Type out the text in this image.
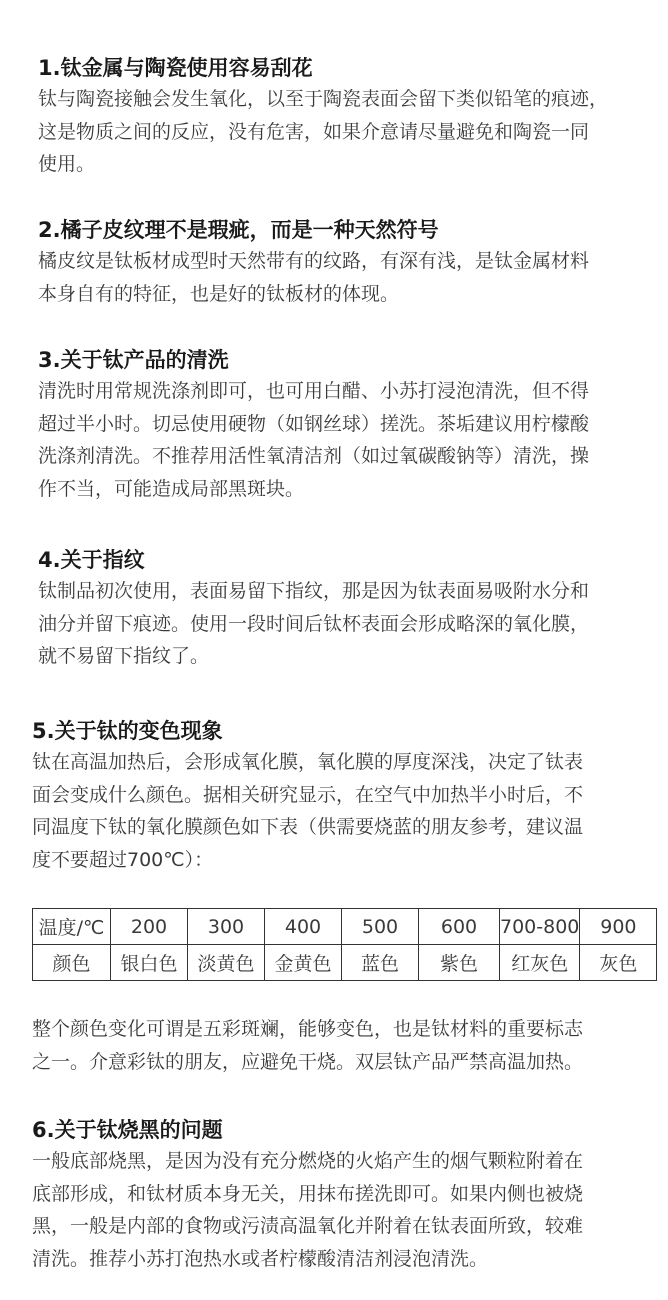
1.钛金属与陶瓷使用容易刮花

钛与陶瓷接触会发生氧化，以至于陶瓷表面会留下类似铅笔的痕迹，
这是物质之间的反应，没有危害，如果介意请尽量避免和陶瓷一同
使用。

2.橘子皮纹理不是瑕疵，而是一种天然符号

橘皮纹是钛板材成型时天然带有的纹路，有深有浅，是钛金属材料
本身自有的特征，也是好的钛板材的体现。

3.关于钛产品的清洗

清洗时用常规洗涤剂即可，也可用白醋、小苏打浸泡清洗，但不得
超过半小时。切忌使用硬物（如钢丝球）搓洗。茶垢建议用柠檬酸
洗涤剂清洗。不推荐用活性氧清洁剂（如过氧碳酸钠等）清洗，操
作不当，可能造成局部黑斑块。

4.关于指纹

钛制品初次使用，表面易留下指纹，那是因为钛表面易吸附水分和
油分并留下痕迹。使用一段时间后钛杯表面会形成略深的氧化膜，
就不易留下指纹了。

5.关于钛的变色现象

钛在高温加热后，会形成氧化膜，氧化膜的厚度深浅，决定了钛表
面会变成什么颜色。据相关研究显示，在空气中加热半小时后，不
同温度下钛的氧化膜颜色如下表（供需要烧蓝的朋友参考，建议温
度不要超过700℃）：

温度/℃	200	300	400	500	600	700-800	900
颜色	银白色	淡黄色	金黄色	蓝色	紫色	红灰色	灰色

整个颜色变化可谓是五彩斑斓，能够变色，也是钛材料的重要标志
之一。介意彩钛的朋友，应避免干烧。双层钛产品严禁高温加热。

6.关于钛烧黑的问题

一般底部烧黑，是因为没有充分燃烧的火焰产生的烟气颗粒附着在
底部形成，和钛材质本身无关，用抹布搓洗即可。如果内侧也被烧
黑，一般是内部的食物或污渍高温氧化并附着在钛表面所致，较难
清洗。推荐小苏打泡热水或者柠檬酸清洁剂浸泡清洗。
